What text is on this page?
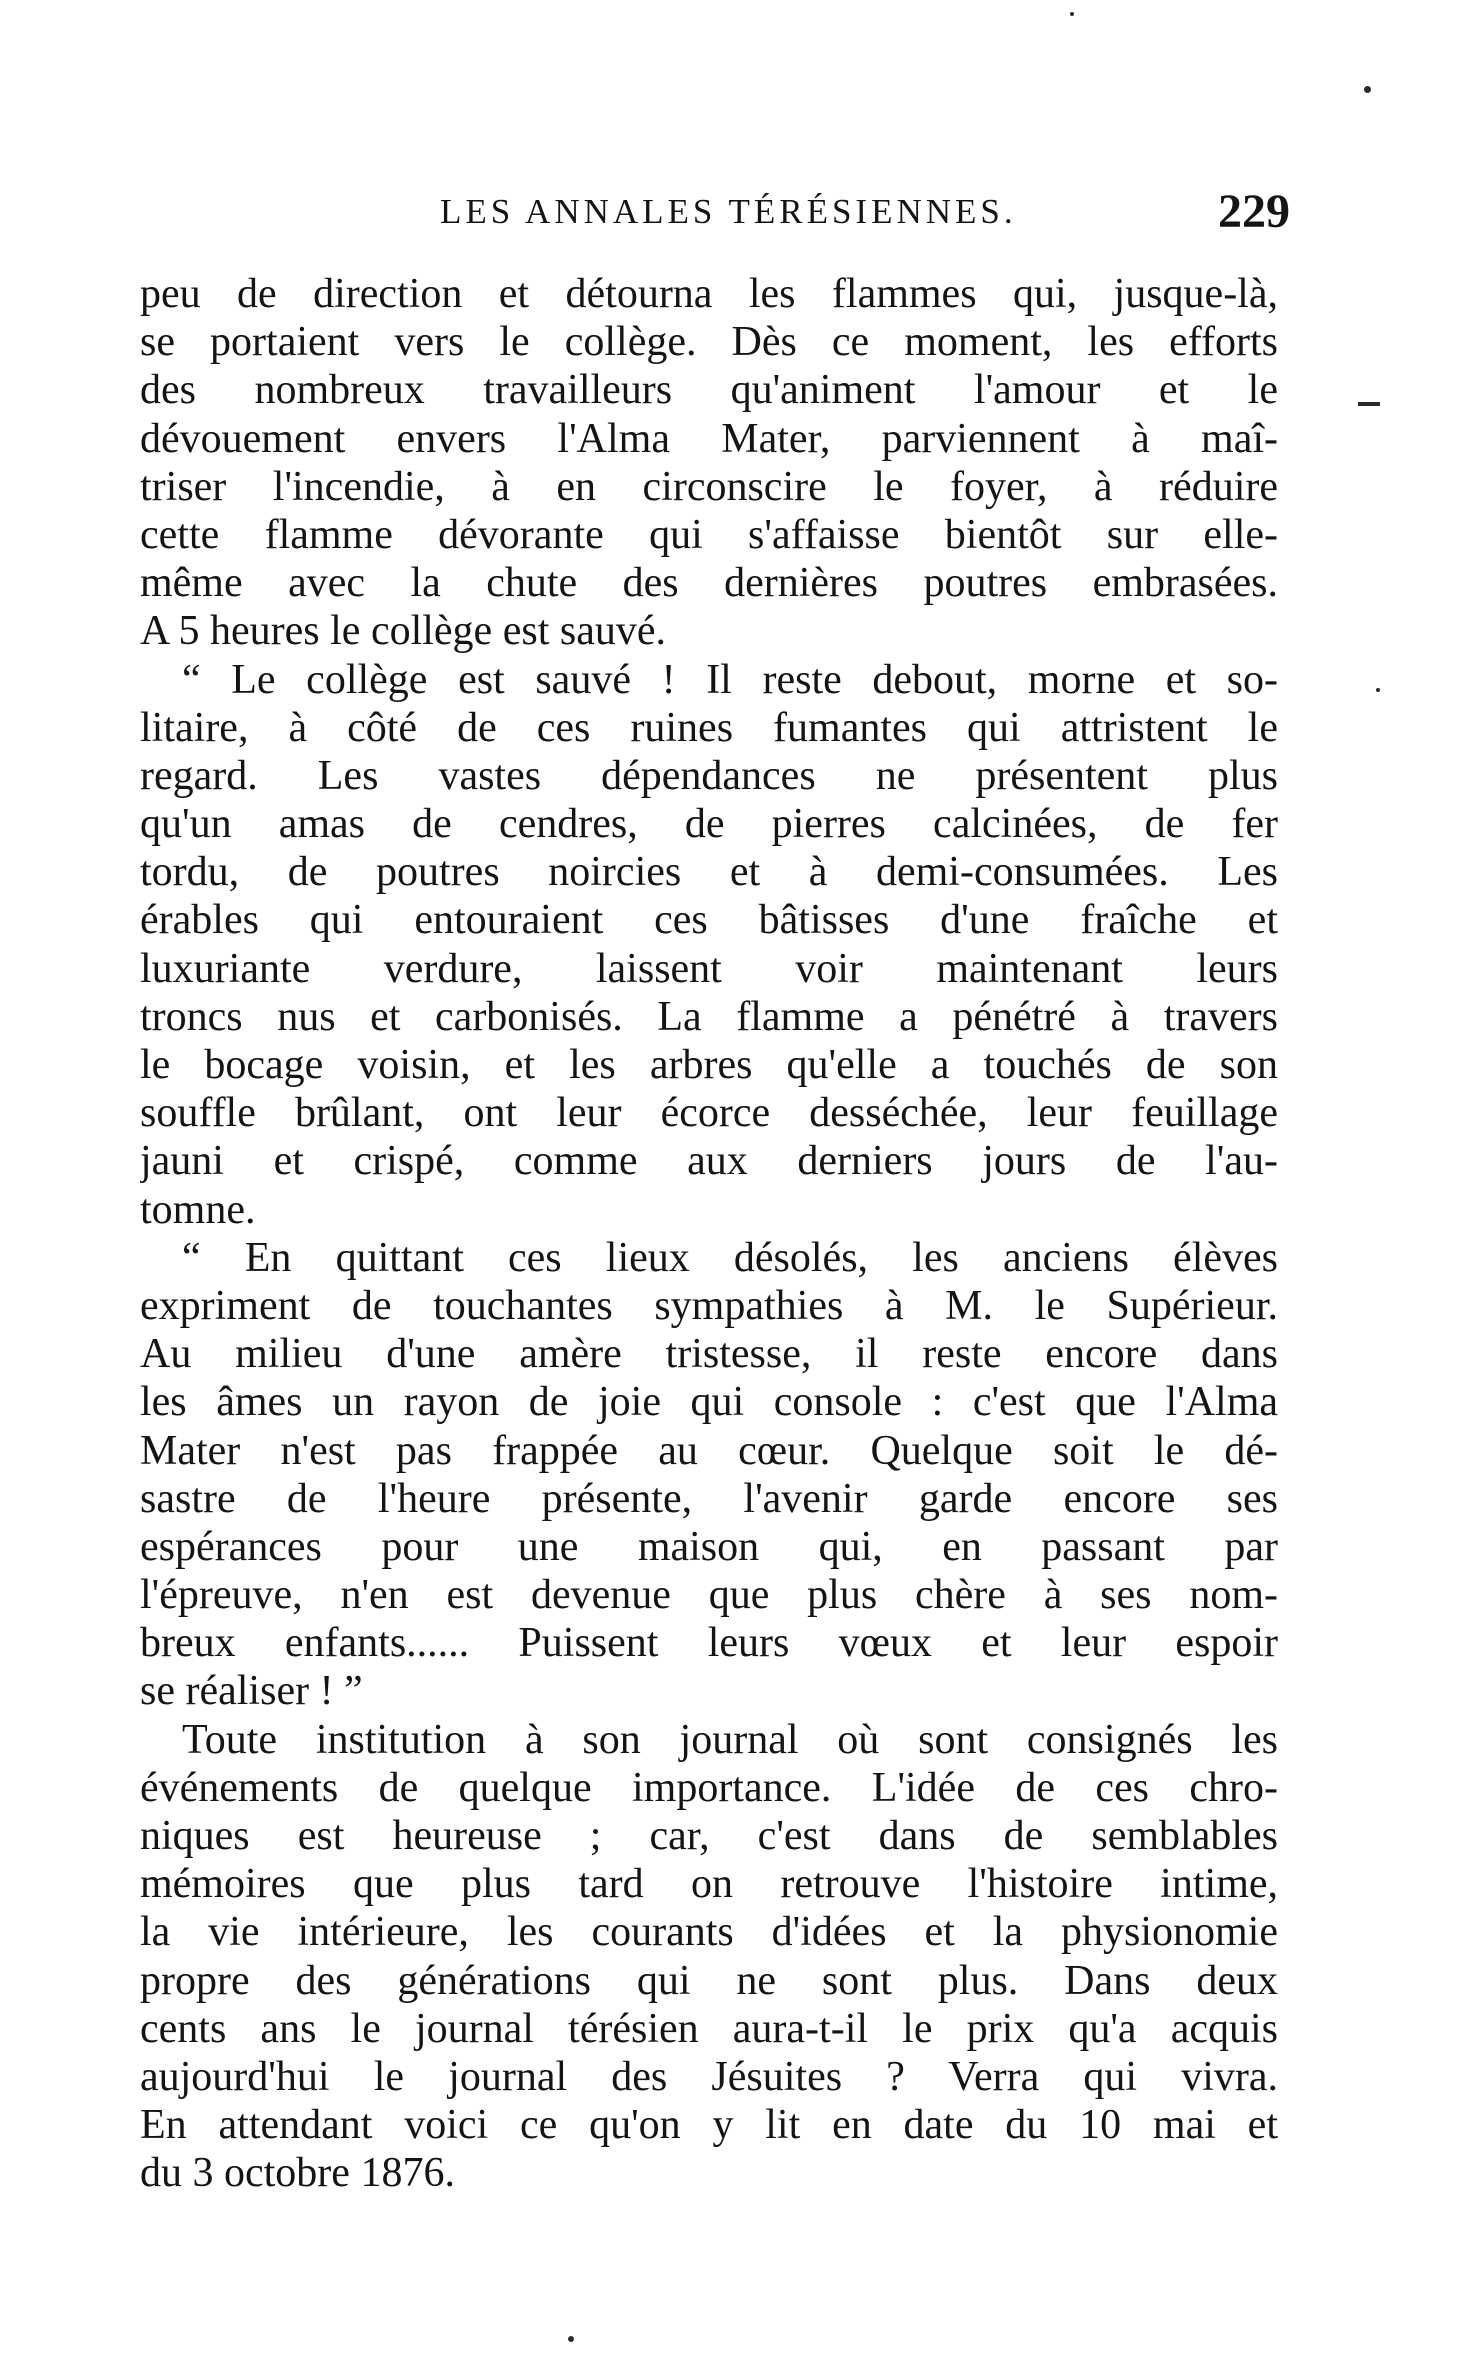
LES ANNALES TÉRÉSIENNES.	229
peu de direction et détourna les flammes qui, jusque-là,
se portaient vers le collège. Dès ce moment, les efforts
des nombreux travailleurs qu'animent l'amour et le
dévouement envers l'Alma Mater, parviennent à maî-
triser l'incendie, à en circonscire le foyer, à réduire
cette flamme dévorante qui s'affaisse bientôt sur elle-
même avec la chute des dernières poutres embrasées.
A 5 heures le collège est sauvé.
“ Le collège est sauvé ! Il reste debout, morne et so-
litaire, à côté de ces ruines fumantes qui attristent le
regard. Les vastes dépendances ne présentent plus
qu'un amas de cendres, de pierres calcinées, de fer
tordu, de poutres noircies et à demi-consumées. Les
érables qui entouraient ces bâtisses d'une fraîche et
luxuriante verdure, laissent voir maintenant leurs
troncs nus et carbonisés. La flamme a pénétré à travers
le bocage voisin, et les arbres qu'elle a touchés de son
souffle brûlant, ont leur écorce desséchée, leur feuillage
jauni et crispé, comme aux derniers jours de l'au-
tomne.
“ En quittant ces lieux désolés, les anciens élèves
expriment de touchantes sympathies à M. le Supérieur.
Au milieu d'une amère tristesse, il reste encore dans
les âmes un rayon de joie qui console : c'est que l'Alma
Mater n'est pas frappée au cœur. Quelque soit le dé-
sastre de l'heure présente, l'avenir garde encore ses
espérances pour une maison qui, en passant par
l'épreuve, n'en est devenue que plus chère à ses nom-
breux enfants...... Puissent leurs vœux et leur espoir
se réaliser ! ”
Toute institution à son journal où sont consignés les
événements de quelque importance. L'idée de ces chro-
niques est heureuse ; car, c'est dans de semblables
mémoires que plus tard on retrouve l'histoire intime,
la vie intérieure, les courants d'idées et la physionomie
propre des générations qui ne sont plus. Dans deux
cents ans le journal térésien aura-t-il le prix qu'a acquis
aujourd'hui le journal des Jésuites ? Verra qui vivra.
En attendant voici ce qu'on y lit en date du 10 mai et
du 3 octobre 1876.
